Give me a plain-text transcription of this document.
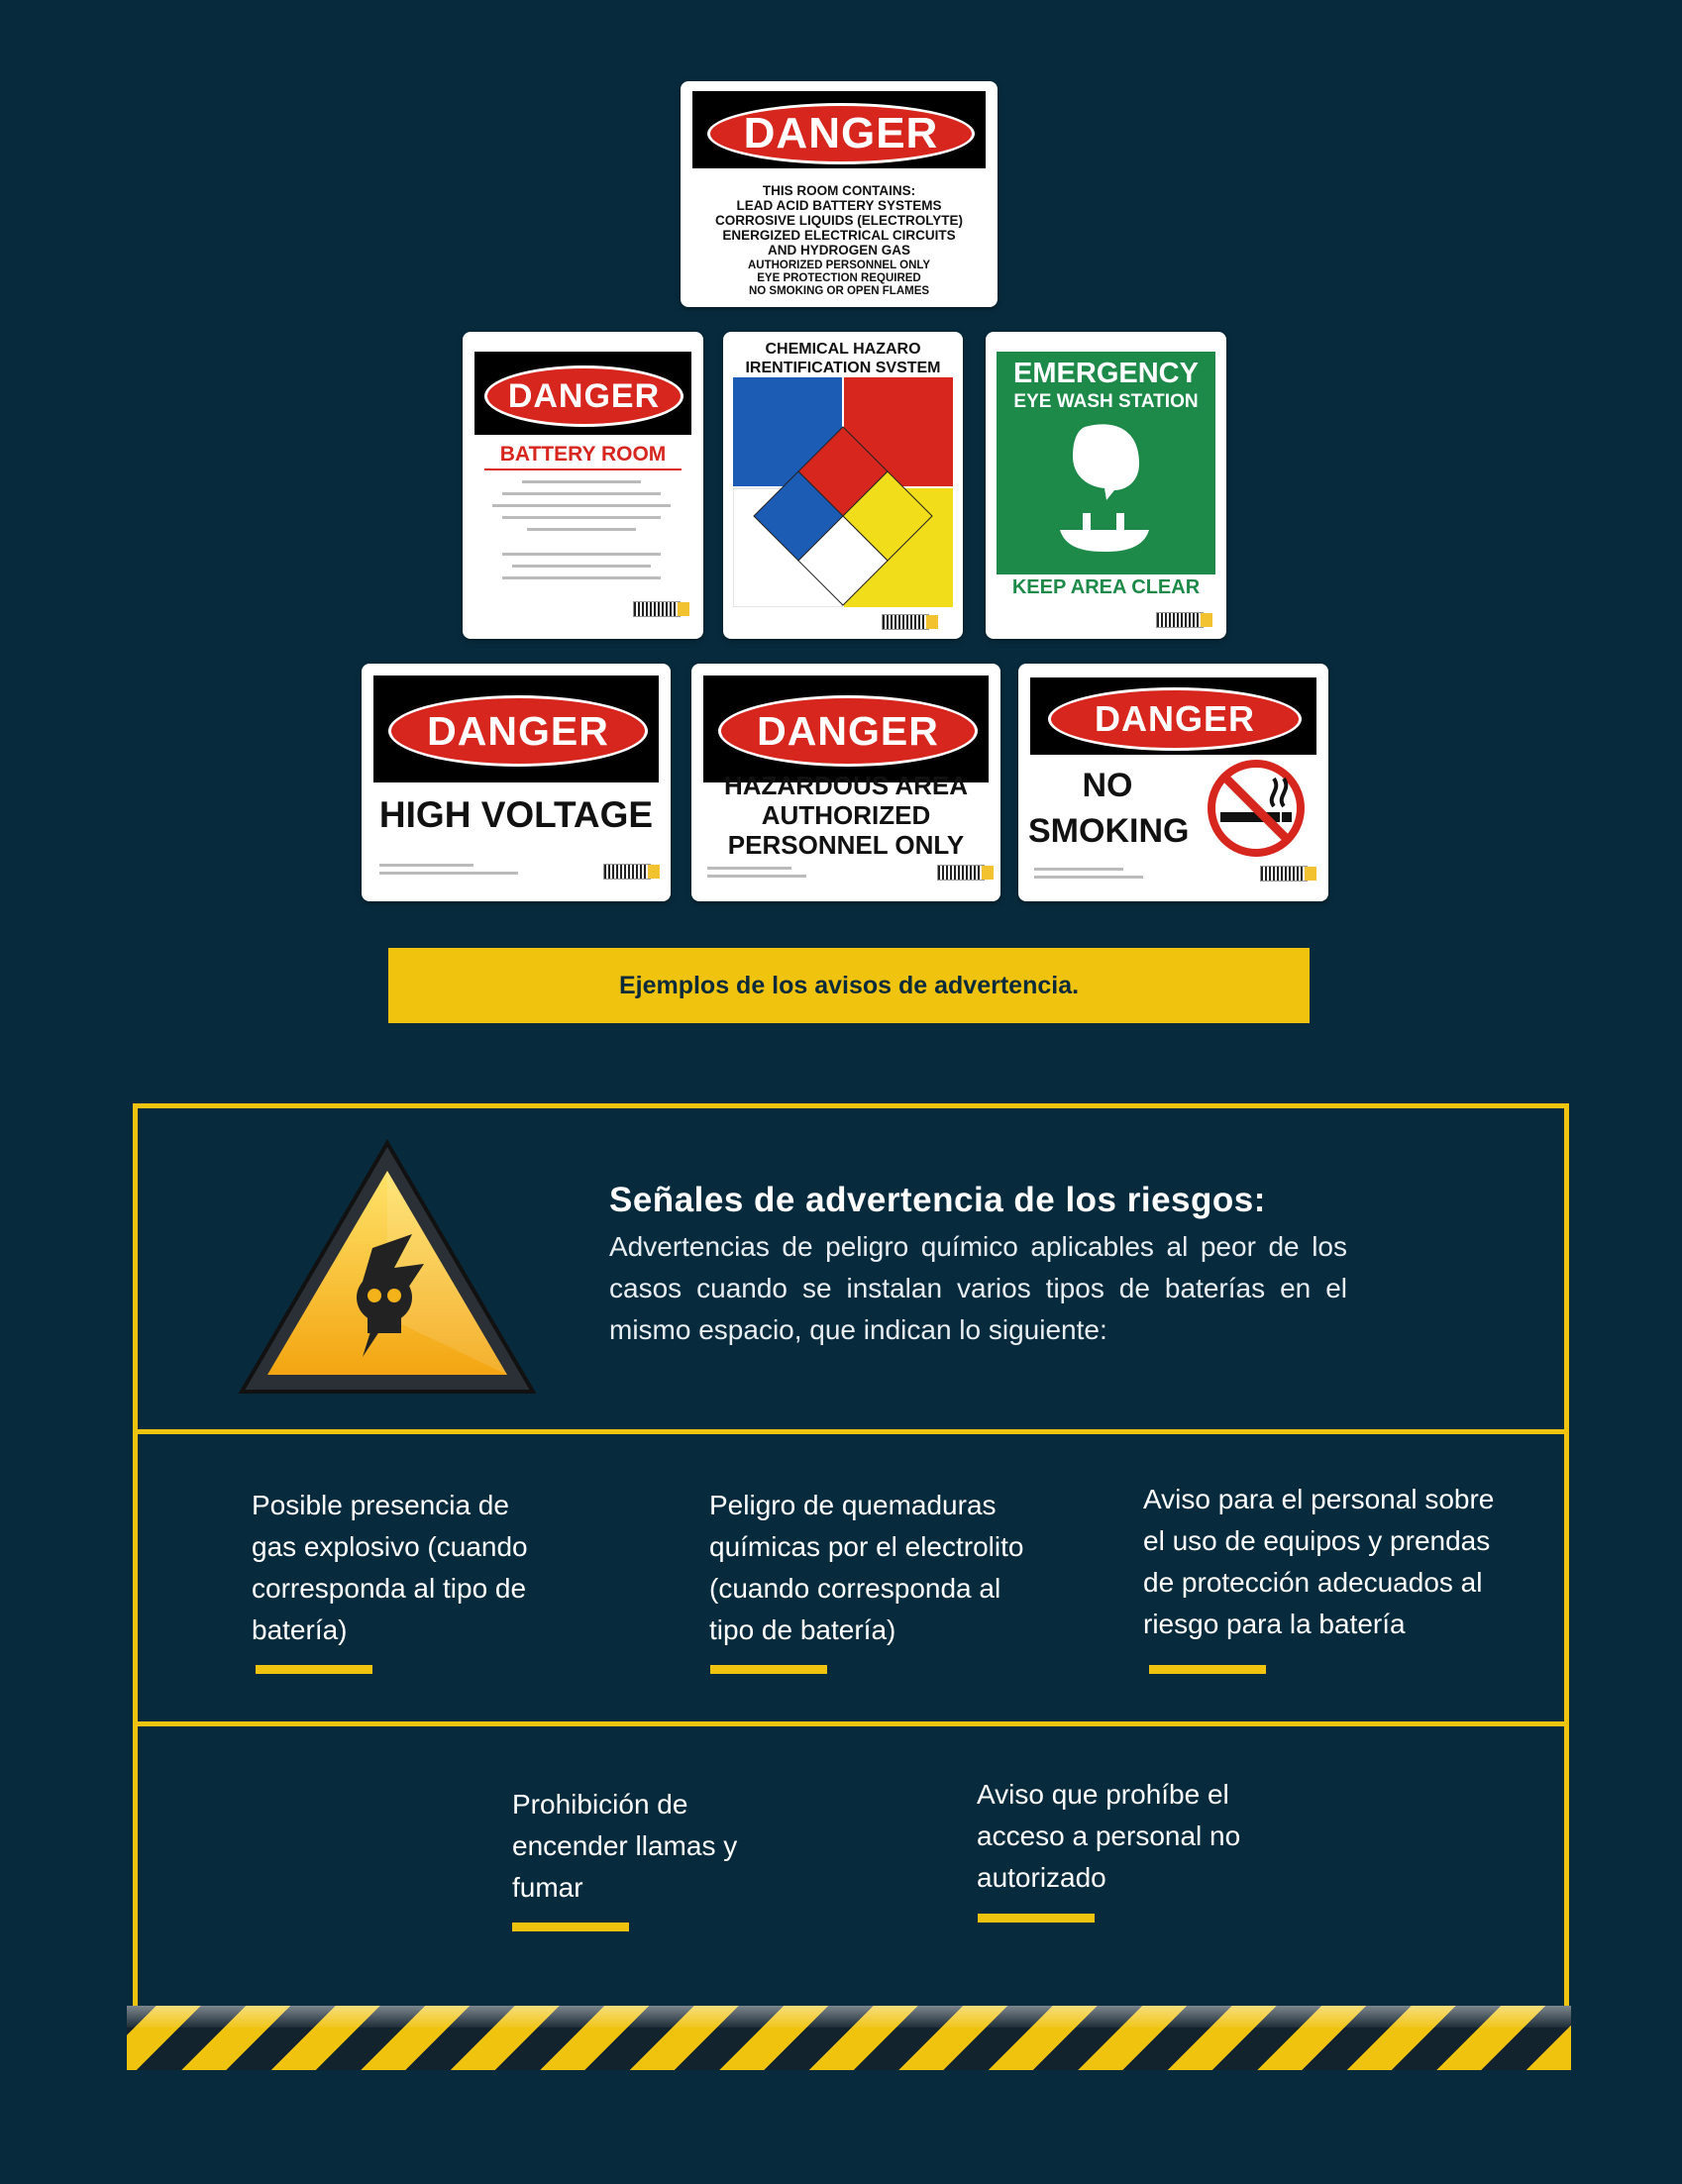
DANGER
THIS ROOM CONTAINS:
LEAD ACID BATTERY SYSTEMS
CORROSIVE LIQUIDS (ELECTROLYTE)
ENERGIZED ELECTRICAL CIRCUITS
AND HYDROGEN GAS
AUTHORIZED PERSONNEL ONLY
EYE PROTECTION REQUIRED
NO SMOKING OR OPEN FLAMES
DANGER
BATTERY ROOM
CHEMICAL HAZARO
IRENTIFICATION SVSTEM	EMERGENCY
EYE WASH STATION
KEEP AREA CLEAR
DANGER
HIGH VOLTAGE
DANGER
HAZARDOUS AREA
AUTHORIZED
PERSONNEL ONLY
DANGER
NO
SMOKING
Ejemplos de los avisos de advertencia.
Señales de advertencia de los riesgos:
Advertencias de peligro químico aplicables al peor de los casos cuando se instalan varios tipos de baterías en el mismo espacio, que indican lo siguiente:
Posible presencia de gas explosivo (cuando corresponda al tipo de batería)
Peligro de quemaduras químicas por el electrolito (cuando corresponda al tipo de batería)
Aviso para el personal sobre el uso de equipos y prendas de protección adecuados al riesgo para la batería
Prohibición de encender llamas y fumar
Aviso que prohíbe el acceso a personal no autorizado
